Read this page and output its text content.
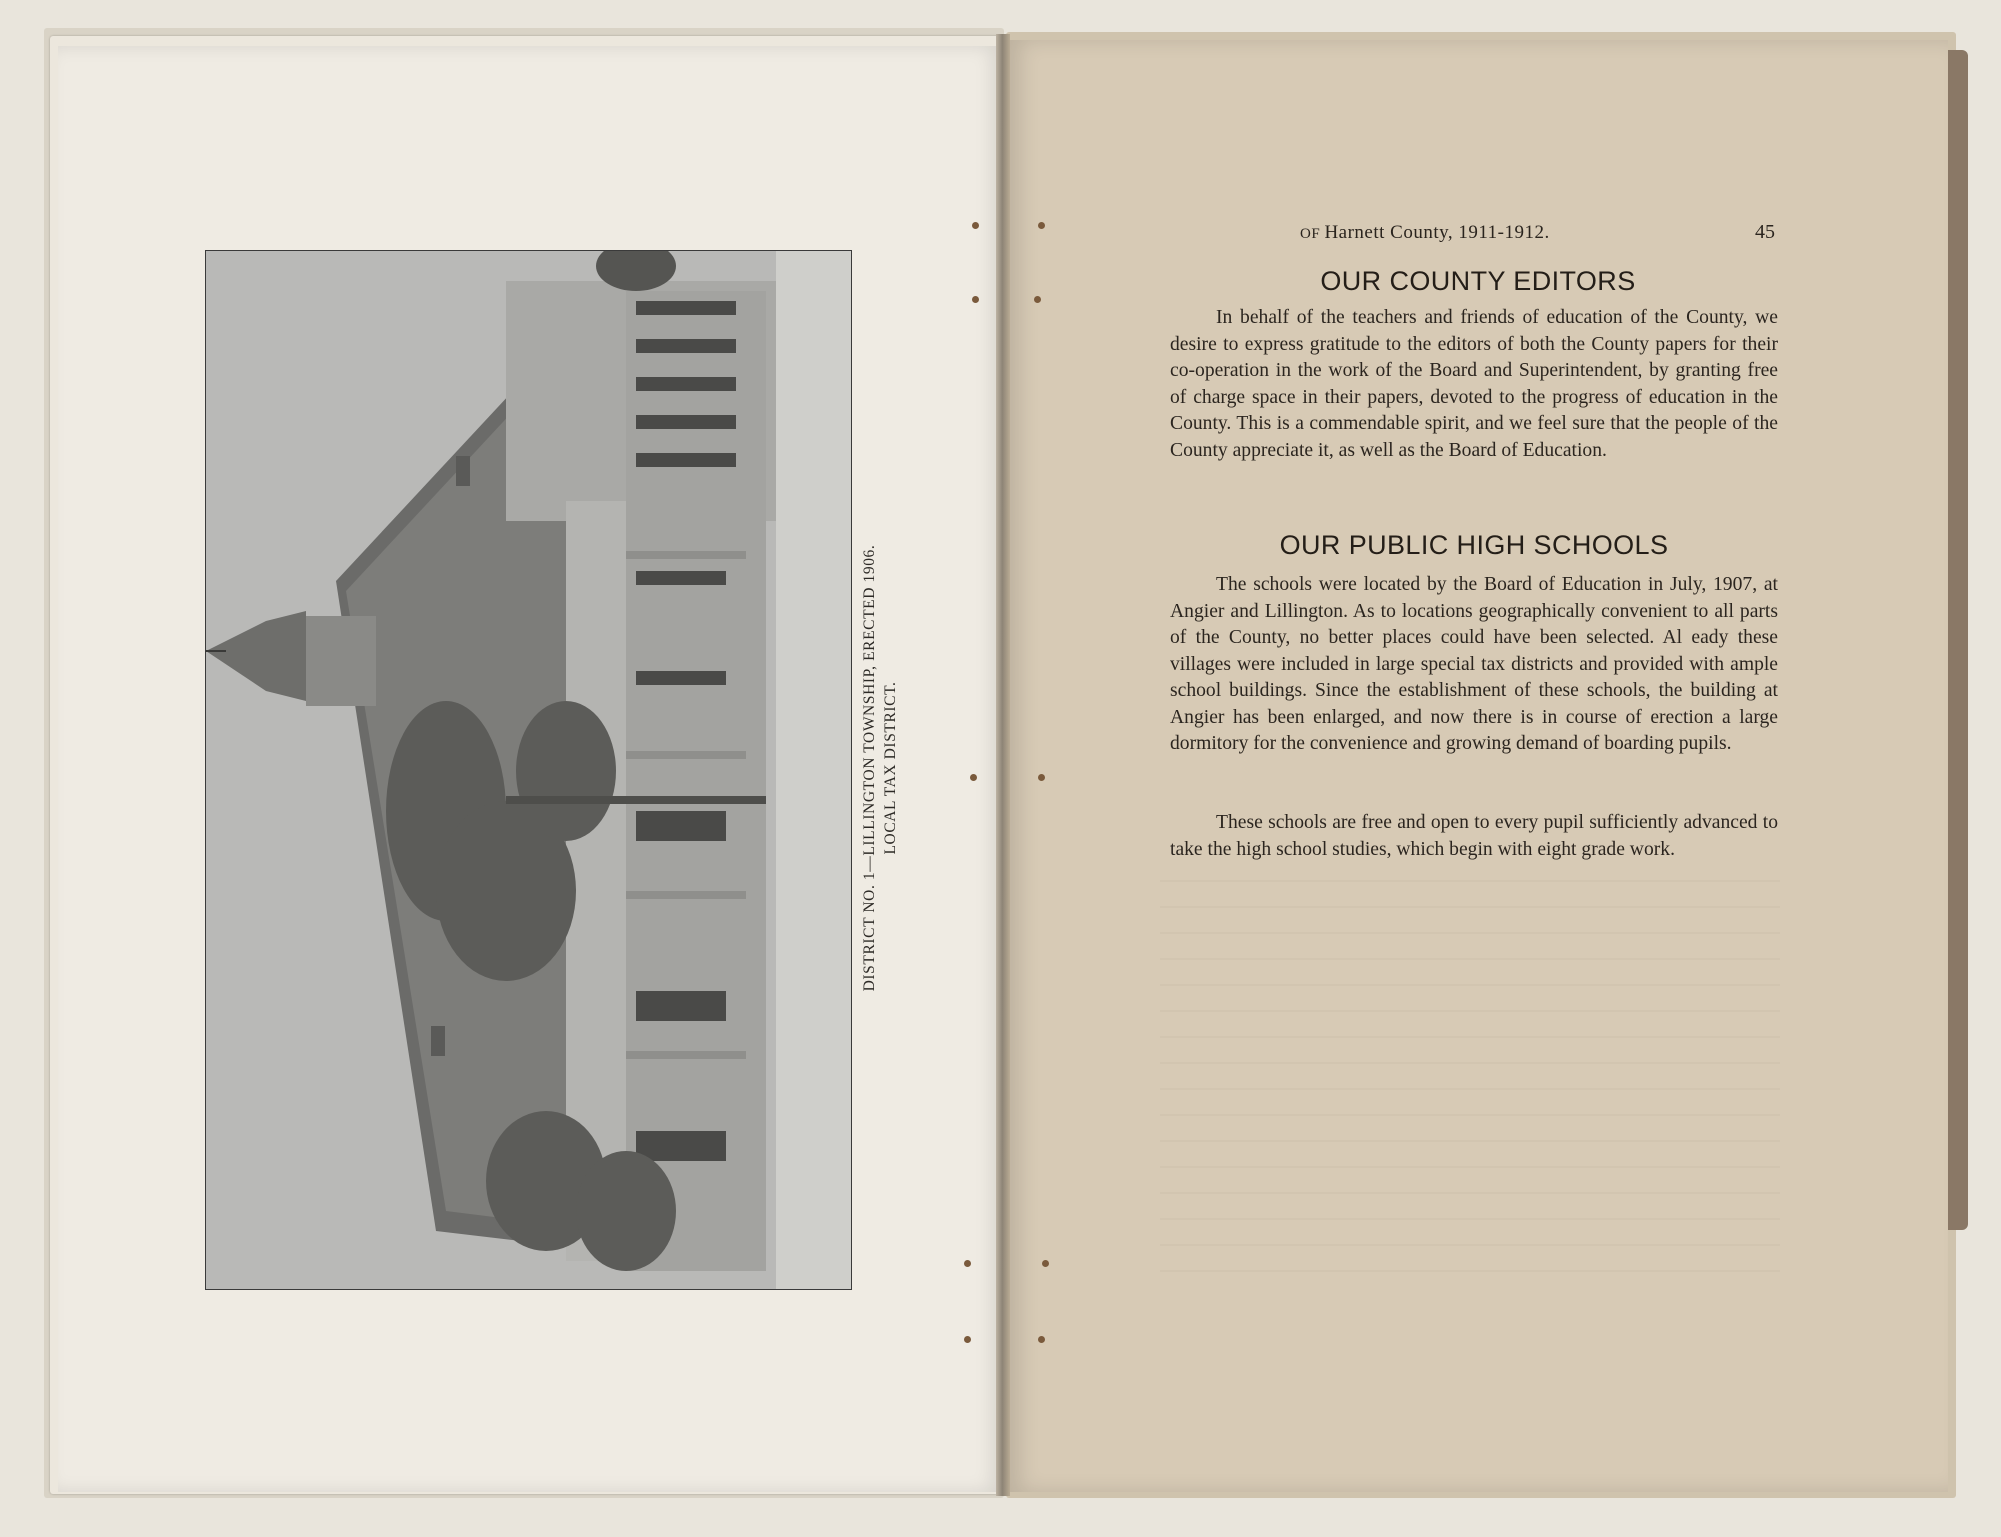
DISTRICT NO. 1—LILLINGTON TOWNSHIP, ERECTED 1906. LOCAL TAX DISTRICT.
OF Harnett County, 1911-1912.	45
OUR COUNTY EDITORS
In behalf of the teachers and friends of education of the County, we desire to express gratitude to the editors of both the County papers for their co-operation in the work of the Board and Superintendent, by granting free of charge space in their papers, devoted to the progress of education in the County. This is a commendable spirit, and we feel sure that the people of the County appreciate it, as well as the Board of Education.
OUR PUBLIC HIGH SCHOOLS
The schools were located by the Board of Education in July, 1907, at Angier and Lillington. As to locations geographically convenient to all parts of the County, no better places could have been selected. Al eady these villages were included in large special tax districts and provided with ample school buildings. Since the establishment of these schools, the building at Angier has been enlarged, and now there is in course of erection a large dormitory for the convenience and growing demand of boarding pupils.
These schools are free and open to every pupil sufficiently advanced to take the high school studies, which begin with eight grade work.
